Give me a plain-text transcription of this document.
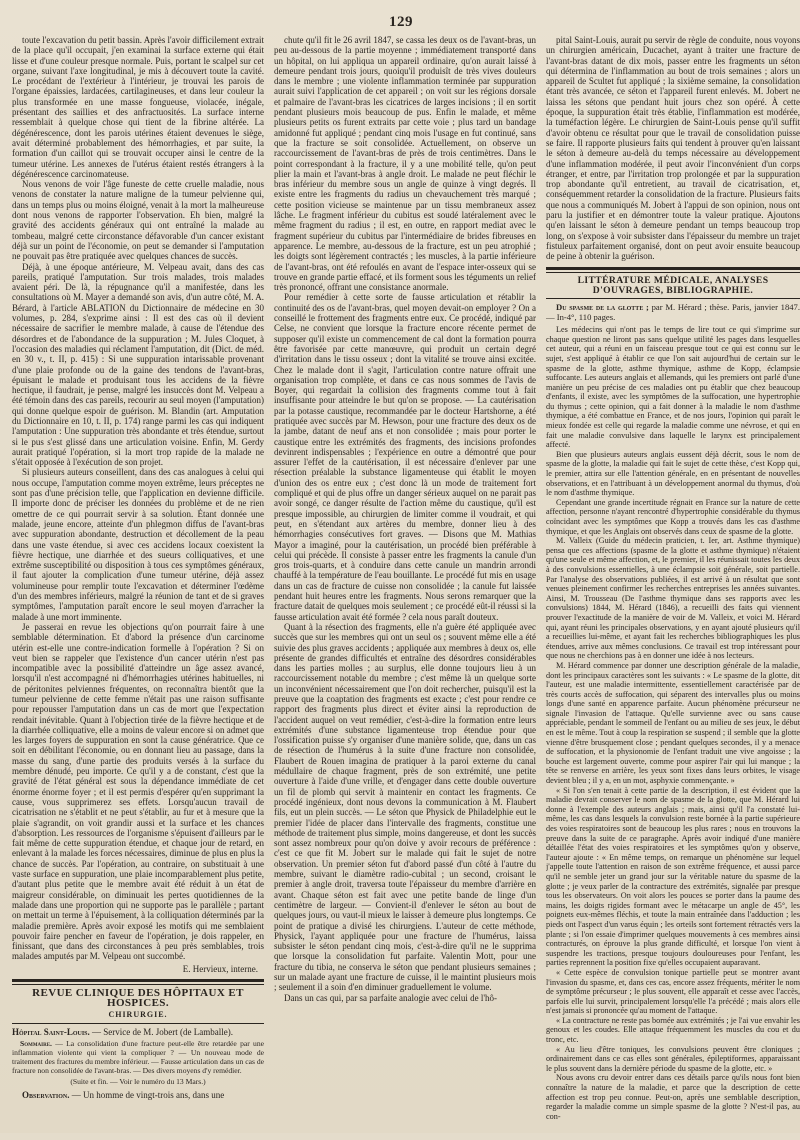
129

toute l'excavation du petit bassin. Après l'avoir difficilement extrait de la place qu'il occupait, j'en examinai la surface externe qui était lisse et d'une couleur presque normale. Puis, portant le scalpel sur cet organe, suivant l'axe longitudinal, je mis à découvert toute la cavité. Le procédant de l'extérieur à l'intérieur, je trouvai les parois de l'organe épaissies, lardacées, cartilagineuses, et dans leur couleur la plus transformée en une masse fongueuse, violacée, inégale, présentant des saillies et des anfractuosités. La surface interne ressemblait à quelque chose qui tient de la fibrine altérée. La dégénérescence, dont les parois utérines étaient devenues le siège, avait déterminé probablement des hémorrhagies, et par suite, la formation d'un caillot qui se trouvait occuper ainsi le centre de la tumeur utérine. Les annexes de l'utérus étaient restés étrangers à la dégénérescence carcinomateuse.

Nous venons de voir l'âge funeste de cette cruelle maladie, nous venons de constater la nature maligne de la tumeur pelvienne qui, dans un temps plus ou moins éloigné, venait à la mort la malheureuse dont nous venons de rapporter l'observation. Eh bien, malgré la gravité des accidents généraux qui ont entraîné la malade au tombeau, malgré cette circonstance défavorable d'un cancer existant déjà sur un point de l'économie, on peut se demander si l'amputation ne pouvait pas être pratiquée avec quelques chances de succès.

Déjà, à une époque antérieure, M. Velpeau avait, dans des cas pareils, pratiqué l'amputation. Sur trois malades, trois malades avaient péri. De là, la répugnance qu'il a manifestée, dans les consultations où M. Mayer a demandé son avis, d'un autre côté, M. A. Bérard, à l'article ABLATION du Dictionnaire de médecine en 30 volumes, p. 284, s'exprime ainsi : Il est des cas où il devient nécessaire de sacrifier le membre malade, à cause de l'étendue des désordres et de l'abondance de la suppuration ; M. Jules Cloquet, à l'occasion des maladies qui réclament l'amputation, dit (Dict. de méd. en 30 v., t. II, p. 415) : Si une suppuration intarissable provenant d'une plaie profonde ou de la gaine des tendons de l'avant-bras, épuisant le malade et produisant tous les accidens de la fièvre hectique, il faudrait, je pense, malgré les insuccès dont M. Velpeau a été témoin dans des cas pareils, recourir au seul moyen (l'amputation) qui donne quelque espoir de guérison. M. Blandin (art. Amputation du Dictionnaire en 10, t. II, p. 174) range parmi les cas qui indiquent l'amputation : Une suppuration très abondante et très étendue, surtout si le pus s'est glissé dans une articulation voisine. Enfin, M. Gerdy aurait pratiqué l'opération, si la mort trop rapide de la malade ne s'était opposée à l'exécution de son projet.

Si plusieurs auteurs conseillent, dans des cas analogues à celui qui nous occupe, l'amputation comme moyen extrême, leurs préceptes ne sont pas d'une précision telle, que l'application en devienne difficile. Il importe donc de préciser les données du problème et de ne rien omettre de ce qui pourrait servir à sa solution. Étant donnée une malade, jeune encore, atteinte d'un phlegmon diffus de l'avant-bras avec suppuration abondante, destruction et décollement de la peau dans une vaste étendue, si avec ces accidens locaux coexistent la fièvre hectique, une diarrhée et des sueurs colliquatives, et une extrême susceptibilité ou disposition à tous ces symptômes généraux, il faut ajouter la complication d'une tumeur utérine, déjà assez volumineuse pour remplir toute l'excavation et déterminer l'œdème d'un des membres inférieurs, malgré la réunion de tant et de si graves symptômes, l'amputation paraît encore le seul moyen d'arracher la malade à une mort imminente.

Je passerai en revue les objections qu'on pourrait faire à une semblable détermination. Et d'abord la présence d'un carcinome utérin est-elle une contre-indication formelle à l'opération ? Si on veut bien se rappeler que l'existence d'un cancer utérin n'est pas incompatible avec la possibilité d'atteindre un âge assez avancé, lorsqu'il n'est accompagné ni d'hémorrhagies utérines habituelles, ni de péritonites pelviennes fréquentes, on reconnaîtra bientôt que la tumeur pelvienne de cette femme n'était pas une raison suffisante pour repousser l'amputation dans un cas de mort que l'expectation rendait inévitable. Quant à l'objection tirée de la fièvre hectique et de la diarrhée colliquative, elle a moins de valeur encore si on admet que les larges foyers de suppuration en sont la cause génératrice. Que ce soit en débilitant l'économie, ou en donnant lieu au passage, dans la masse du sang, d'une partie des produits versés à la surface du membre dénudé, peu importe. Ce qu'il y a de constant, c'est que la gravité de l'état général est sous la dépendance immédiate de cet énorme énorme foyer ; et il est permis d'espérer qu'en supprimant la cause, vous supprimerez ses effets. Lorsqu'aucun travail de cicatrisation ne s'établit et ne peut s'établir, au fur et à mesure que la plaie s'agrandit, on voit grandir aussi et la surface et les chances d'absorption. Les ressources de l'organisme s'épuisent d'ailleurs par le fait même de cette suppuration étendue, et chaque jour de retard, en enlevant à la malade les forces nécessaires, diminue de plus en plus la chance de succès. Par l'opération, au contraire, on substituait à une vaste surface en suppuration, une plaie incomparablement plus petite, d'autant plus petite que le membre avait été réduit à un état de maigreur considérable, on diminuait les pertes quotidiennes de la malade dans une proportion qui ne supporte pas le parallèle ; partant on mettait un terme à l'épuisement, à la colliquation déterminés par la maladie première. Après avoir exposé les motifs qui me semblaient pouvoir faire pencher en faveur de l'opération, je dois rappeler, en finissant, que dans des circonstances à peu près semblables, trois malades amputés par M. Velpeau ont succombé.

E. Hervieux, interne.
REVUE CLINIQUE DES HÔPITAUX ET HOSPICES.
CHIRURGIE.
Hôpital Saint-Louis. — Service de M. Jobert (de Lamballe).
Sommaire. — La consolidation d'une fracture peut-elle être retardée par une inflammation violente qui vient la compliquer ? — Un nouveau mode de traitement des fractures du membre inférieur. — Fausse articulation dans un cas de fracture non consolidée de l'avant-bras. — Des divers moyens d'y remédier.
(Suite et fin. — Voir le numéro du 13 Mars.)

Observation. — Un homme de vingt-trois ans, dans une

chute qu'il fit le 26 avril 1847, se cassa les deux os de l'avant-bras, un peu au-dessous de la partie moyenne ; immédiatement transporté dans un hôpital, on lui appliqua un appareil ordinaire, qu'on aurait laissé à demeure pendant trois jours, quoiqu'il produisît de très vives douleurs dans le membre ; une violente inflammation terminée par suppuration aurait suivi l'application de cet appareil ; on voit sur les régions dorsale et palmaire de l'avant-bras les cicatrices de larges incisions ; il en sortit pendant plusieurs mois beaucoup de pus. Enfin le malade, et même plusieurs petits os furent extraits par cette voie ; plus tard un bandage amidonné fut appliqué ; pendant cinq mois l'usage en fut continué, sans que la fracture se soit consolidée. Actuellement, on observe un raccourcissement de l'avant-bras de près de trois centimètres. Dans le point correspondant à la fracture, il y a une mobilité telle, qu'on peut plier la main et l'avant-bras à angle droit. Le malade ne peut fléchir le bras inférieur du membre sous un angle de quinze à vingt degrés. Il existe entre les fragments du radius un chevauchement très marqué ; cette position vicieuse se maintenue par un tissu membraneux assez lâche. Le fragment inférieur du cubitus est soudé latéralement avec le même fragment du radius ; il est, en outre, en rapport mediat avec le fragment supérieur du cubitus par l'intermédiaire de brides fibreuses en apparence. Le membre, au-dessous de la fracture, est un peu atrophié ; les doigts sont légèrement contractés ; les muscles, à la partie inférieure de l'avant-bras, ont été refoulés en avant de l'espace inter-osseux qui se trouve en grande partie effacé, et ils forment sous les téguments un relief très prononcé, offrant une consistance anormale.

Pour remédier à cette sorte de fausse articulation et rétablir la continuité des os de l'avant-bras, quel moyen devait-on employer ? On a conseillé le frottement des fragments entre eux. Ce procédé, indiqué par Celse, ne convient que lorsque la fracture encore récente permet de supposer qu'il existe un commencement de cal dont la formation pourra être favorisée par cette manœuvre, qui produit un certain degré d'irritation dans le tissu osseux ; dont la vitalité se trouve ainsi excitée. Chez le malade dont il s'agit, l'articulation contre nature offrait une organisation trop complète, et dans ce cas nous sommes de l'avis de Boyer, qui regardait la collision des fragments comme tout à fait insuffisante pour atteindre le but qu'on se propose. — La cautérisation par la potasse caustique, recommandée par le docteur Hartshorne, a été pratiquée avec succès par M. Hewson, pour une fracture des deux os de la jambe, datant de neuf ans et non consolidée ; mais pour porter le caustique entre les extrémités des fragments, des incisions profondes devinrent indispensables ; l'expérience en outre a démontré que pour assurer l'effet de la cautérisation, il est nécessaire d'enlever par une résection préalable la substance ligamenteuse qui établit le moyen d'union des os entre eux ; c'est donc là un mode de traitement fort compliqué et qui de plus offre un danger sérieux auquel on ne parait pas avoir songé, ce danger résulte de l'action même du caustique, qu'il est presque impossible, au chirurgien de limiter comme il voudrait, et qui peut, en s'étendant aux artères du membre, donner lieu à des hémorrhagies consécutives fort graves. — Disons que M. Mathias Mayor a imaginé, pour la cautérisation, un procédé bien préférable à celui qui précède. Il consiste à passer entre les fragments la canule d'un gros trois-quarts, et à conduire dans cette canule un mandrin arrondi chauffé à la température de l'eau bouillante. Le procédé fut mis en usage dans un cas de fracture de cuisse non consolidée ; la canule fut laissée pendant huit heures entre les fragments. Nous serons remarquer que la fracture datait de quelques mois seulement ; ce procédé eût-il réussi si la fausse articulation avait été formée ? cela nous paraît douteux.

Quant à la résection des fragments, elle n'a guère été appliquée avec succès que sur les membres qui ont un seul os ; souvent même elle a été suivie des plus graves accidents ; appliquée aux membres à deux os, elle présente de grandes difficultés et entraîne des désordres considérables dans les parties molles ; au surplus, elle donne toujours lieu à un raccourcissement notable du membre ; c'est même là un quelque sorte un inconvénient nécessairement que l'on doit rechercher, puisqu'il est la preuve que la coaptation des fragments est exacte ; c'est pour rendre ce rapport des fragments plus direct et éviter ainsi la reproduction de l'accident auquel on veut remédier, c'est-à-dire la formation entre leurs extrémités d'une substance ligamenteuse trop étendue pour que l'ossification puisse s'y organiser d'une manière solide, que, dans un cas de résection de l'humérus à la suite d'une fracture non consolidée, Flaubert de Rouen imagina de pratiquer à la paroi externe du canal médullaire de chaque fragment, près de son extrémité, une petite ouverture à l'aide d'une vrille, et d'engager dans cette double ouverture un fil de plomb qui servit à maintenir en contact les fragments. Ce procédé ingénieux, dont nous devons la communication à M. Flaubert fils, eut un plein succès. — Le séton que Physick de Philadelphie eut le premier l'idée de placer dans l'intervalle des fragments, constitue une méthode de traitement plus simple, moins dangereuse, et dont les succès sont assez nombreux pour qu'on doive y avoir recours de préférence : c'est ce que fit M. Jobert sur le malade qui fait le sujet de notre observation. Un premier séton fut d'abord passé d'un côté à l'autre du membre, suivant le diamètre radio-cubital ; un second, croisant le premier à angle droit, traversa toute l'épaisseur du membre d'arrière en avant. Chaque séton est fait avec une petite bande de linge d'un centimètre de largeur. — Convient-il d'enlever le séton au bout de quelques jours, ou vaut-il mieux le laisser à demeure plus longtemps. Ce point de pratique a divisé les chirurgiens. L'auteur de cette méthode, Physick, l'ayant appliquée pour une fracture de l'humérus, laissa subsister le séton pendant cinq mois, c'est-à-dire qu'il ne le supprima que lorsque la consolidation fut parfaite. Valentin Mott, pour une fracture du tibia, ne conserva le séton que pendant plusieurs semaines ; sur un malade ayant une fracture de cuisse, il le maintint plusieurs mois ; seulement il a soin d'en diminuer graduellement le volume.

Dans un cas qui, par sa parfaite analogie avec celui de l'hô-

pital Saint-Louis, aurait pu servir de règle de conduite, nous voyons un chirurgien américain, Ducachet, ayant à traiter une fracture de l'avant-bras datant de dix mois, passer entre les fragments un séton qui détermina de l'inflammation au bout de trois semaines ; alors un appareil de Scultet fut appliqué ; la sixième semaine, la consolidation étant très avancée, ce séton et l'appareil furent enlevés. M. Jobert ne laissa les sétons que pendant huit jours chez son opéré. À cette époque, la suppuration était très établie, l'inflammation est modérée, la tuméfaction légère. Le chirurgien de Saint-Louis pense qu'il suffit d'avoir obtenu ce résultat pour que le travail de consolidation puisse se faire. Il rapporte plusieurs faits qui tendent à prouver qu'en laissant le séton à demeure au-delà du temps nécessaire au développement d'une inflammation modérée, il peut avoir l'inconvénient d'un corps étranger, et entre, par l'irritation trop prolongée et par la suppuration trop abondante qu'il entretient, au travail de cicatrisation, et, conséquemment retarder la consolidation de la fracture. Plusieurs faits que nous a communiqués M. Jobert à l'appui de son opinion, nous ont paru la justifier et en démontrer toute la valeur pratique. Ajoutons qu'en laissant le séton à demeure pendant un temps beaucoup trop long, on s'expose à voir subsister dans l'épaisseur du membre un trajet fistuleux parfaitement organisé, dont on peut avoir ensuite beaucoup de peine à obtenir la guérison.

LITTÉRATURE MÉDICALE, ANALYSES D'OUVRAGES, BIBLIOGRAPHIE.
Du spasme de la glotte ; par M. Hérard ; thèse. Paris, janvier 1847. — In-4°, 110 pages.

Les médecins qui n'ont pas le temps de lire tout ce qui s'imprime sur chaque question ne liront pas sans quelque utilité les pages dans lesquelles cet auteur, qui a réuni en un faisceau presque tout ce qui est connu sur le sujet, s'est appliqué à établir ce que l'on sait aujourd'hui de certain sur le spasme de la glotte, asthme thymique, asthme de Kopp, éclampsie suffocante. Les auteurs anglais et allemands, qui les premiers ont parlé d'une manière un peu précise de ces maladies ont pu établir que chez beaucoup d'enfants, il existe, avec les symptômes de la suffocation, une hypertrophie du thymus ; cette opinion, qui a fait donner à la maladie le nom d'asthme thymique, a été combattue en France, et de nos jours, l'opinion qui paraît le mieux fondée est celle qui regarde la maladie comme une névrose, et qui en fait une maladie convulsive dans laquelle le larynx est principalement affecté.

Bien que plusieurs auteurs anglais eussent déjà décrit, sous le nom de spasme de la glotte, la maladie qui fait le sujet de cette thèse, c'est Kopp qui, le premier, attira sur elle l'attention générale, en en présentant de nouvelles observations, et en l'attribuant à un développement anormal du thymus, d'où le nom d'asthme thymique.

Cependant une grande incertitude régnait en France sur la nature de cette affection, personne n'ayant rencontré d'hypertrophie considérable du thymus coïncidant avec les symptômes que Kopp a trouvés dans les cas d'asthme thymique, et que les Anglais ont observés dans ceux de spasme de la glotte.

M. Valleix (Guide du médecin praticien, t. Ier, art. Asthme thymique) pensa que ces affections (spasme de la glotte et asthme thymique) n'étaient qu'une seule et même affection, et, le premier, il les réunissait toutes les deux à des convulsions essentielles, à une éclampsie soit générale, soit partielle. Par l'analyse des observations publiées, il est arrivé à un résultat que sont venues pleinement confirmer les recherches entreprises les années suivantes. Ainsi, M. Trousseau (De l'asthme thymique dans ses rapports avec les convulsions) 1844, M. Hérard (1846), a recueilli des faits qui viennent prouver l'exactitude de la manière de voir de M. Valleix, et voici M. Hérard qui, ayant réuni les principales observations, y en ayant ajouté plusieurs qu'il a recueillies lui-même, et ayant fait les recherches bibliographiques les plus étendues, arrive aux mêmes conclusions. Ce travail est trop intéressant pour que nous ne cherchions pas à en donner une idée à nos lecteurs.

M. Hérard commence par donner une description générale de la maladie, dont les principaux caractères sont les suivants : « Le spasme de la glotte, dit l'auteur, est une maladie intermittente, essentiellement caractérisée par de très courts accès de suffocation, qui séparent des intervalles plus ou moins longs d'une santé en apparence parfaite. Aucun phénomène précurseur ne signale l'invasion de l'attaque. Qu'elle survienne avec ou sans cause appréciable, pendant le sommeil de l'enfant ou au milieu de ses jeux, le début en est le même. Tout à coup la respiration se suspend ; il semble que la glotte vienne d'être brusquement close ; pendant quelques secondes, il y a menace de suffocation, et la physionomie de l'enfant traduit une vive angoisse ; la bouche est largement ouverte, comme pour aspirer l'air qui lui manque ; la tête se renverse en arrière, les yeux sont fixes dans leurs orbites, le visage devient bleu ; il y a, en un mot, asphyxie commençante. »

« Si l'on s'en tenait à cette partie de la description, il est évident que la maladie devrait conserver le nom de spasme de la glotte, que M. Hérard lui donne à l'exemple des auteurs anglais ; mais, ainsi qu'il l'a constaté lui-même, les cas dans lesquels la convulsion reste bornée à la partie supérieure des voies respiratoires sont de beaucoup les plus rares ; nous en trouvons la preuve dans la suite de ce paragraphe. Après avoir indiqué d'une manière détaillée l'état des voies respiratoires et les symptômes qu'on y observe, l'auteur ajoute : « En même temps, on remarque un phénomène sur lequel j'appelle toute l'attention en raison de son extrême fréquence, et aussi parce qu'il ne semble jeter un grand jour sur la véritable nature du spasme de la glotte ; je veux parler de la contracture des extrémités, signalée par presque tous les observateurs. On voit alors les pouces se porter dans la paume des mains, les doigts rigides formant avec le métacarpe un angle de 45°, les poignets eux-mêmes fléchis, et toute la main entraînée dans l'adduction ; les pieds ont l'aspect d'un varus équin ; les orteils sont fortement rétractés vers la plante ; si l'on essaie d'imprimer quelques mouvements à ces membres ainsi contracturés, on éprouve la plus grande difficulté, et lorsque l'on vient à suspendre les tractions, presque toujours douloureuses pour l'enfant, les parties reprennent la position fixe qu'elles occupaient auparavant.

« Cette espèce de convulsion tonique partielle peut se montrer avant l'invasion du spasme, et, dans ces cas, encore assez fréquents, mériter le nom de symptôme précurseur ; le plus souvent, elle apparaît et cesse avec l'accès, parfois elle lui survit, principalement lorsqu'elle l'a précédé ; mais alors elle n'est jamais si prononcée qu'au moment de l'attaque.

« La contracture ne reste pas bornée aux extrémités ; je l'ai vue envahir les genoux et les coudes. Elle attaque fréquemment les muscles du cou et du tronc, etc.

« Au lieu d'être toniques, les convulsions peuvent être cloniques ; ordinairement dans ce cas elles sont générales, épileptiformes, apparaissant le plus souvent dans la dernière période du spasme de la glotte, etc. »

Nous avons cru devoir entrer dans ces détails parce qu'ils nous font bien connaître la nature de la maladie, et parce que la description de cette affection est trop peu connue. Peut-on, après une semblable description, regarder la maladie comme un simple spasme de la glotte ? N'est-il pas, au con-
